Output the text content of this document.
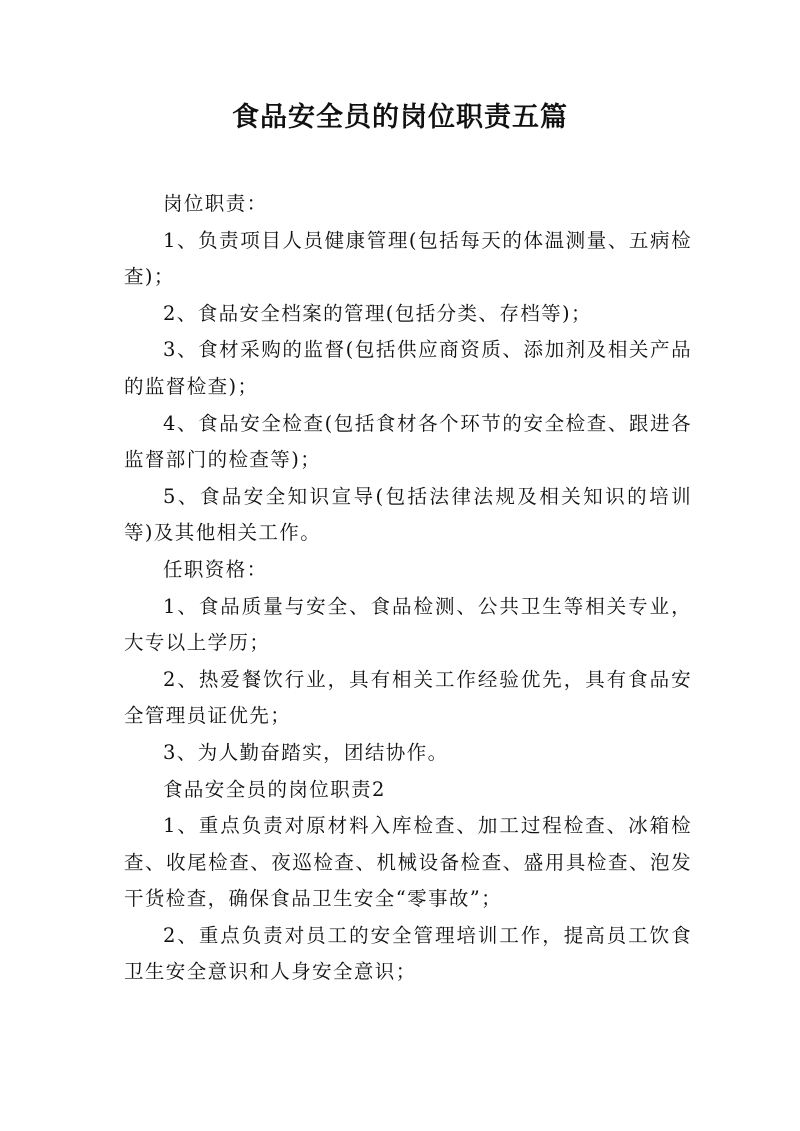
食品安全员的岗位职责五篇

岗位职责：

1、负责项目人员健康管理(包括每天的体温测量、五病检查)；

2、食品安全档案的管理(包括分类、存档等)；

3、食材采购的监督(包括供应商资质、添加剂及相关产品的监督检查)；

4、食品安全检查(包括食材各个环节的安全检查、跟进各监督部门的检查等)；

5、食品安全知识宣导(包括法律法规及相关知识的培训等)及其他相关工作。

任职资格：

1、食品质量与安全、食品检测、公共卫生等相关专业，大专以上学历；

2、热爱餐饮行业，具有相关工作经验优先，具有食品安全管理员证优先；

3、为人勤奋踏实，团结协作。

食品安全员的岗位职责2

1、重点负责对原材料入库检查、加工过程检查、冰箱检查、收尾检查、夜巡检查、机械设备检查、盛用具检查、泡发干货检查，确保食品卫生安全“零事故”；

2、重点负责对员工的安全管理培训工作，提高员工饮食卫生安全意识和人身安全意识；
